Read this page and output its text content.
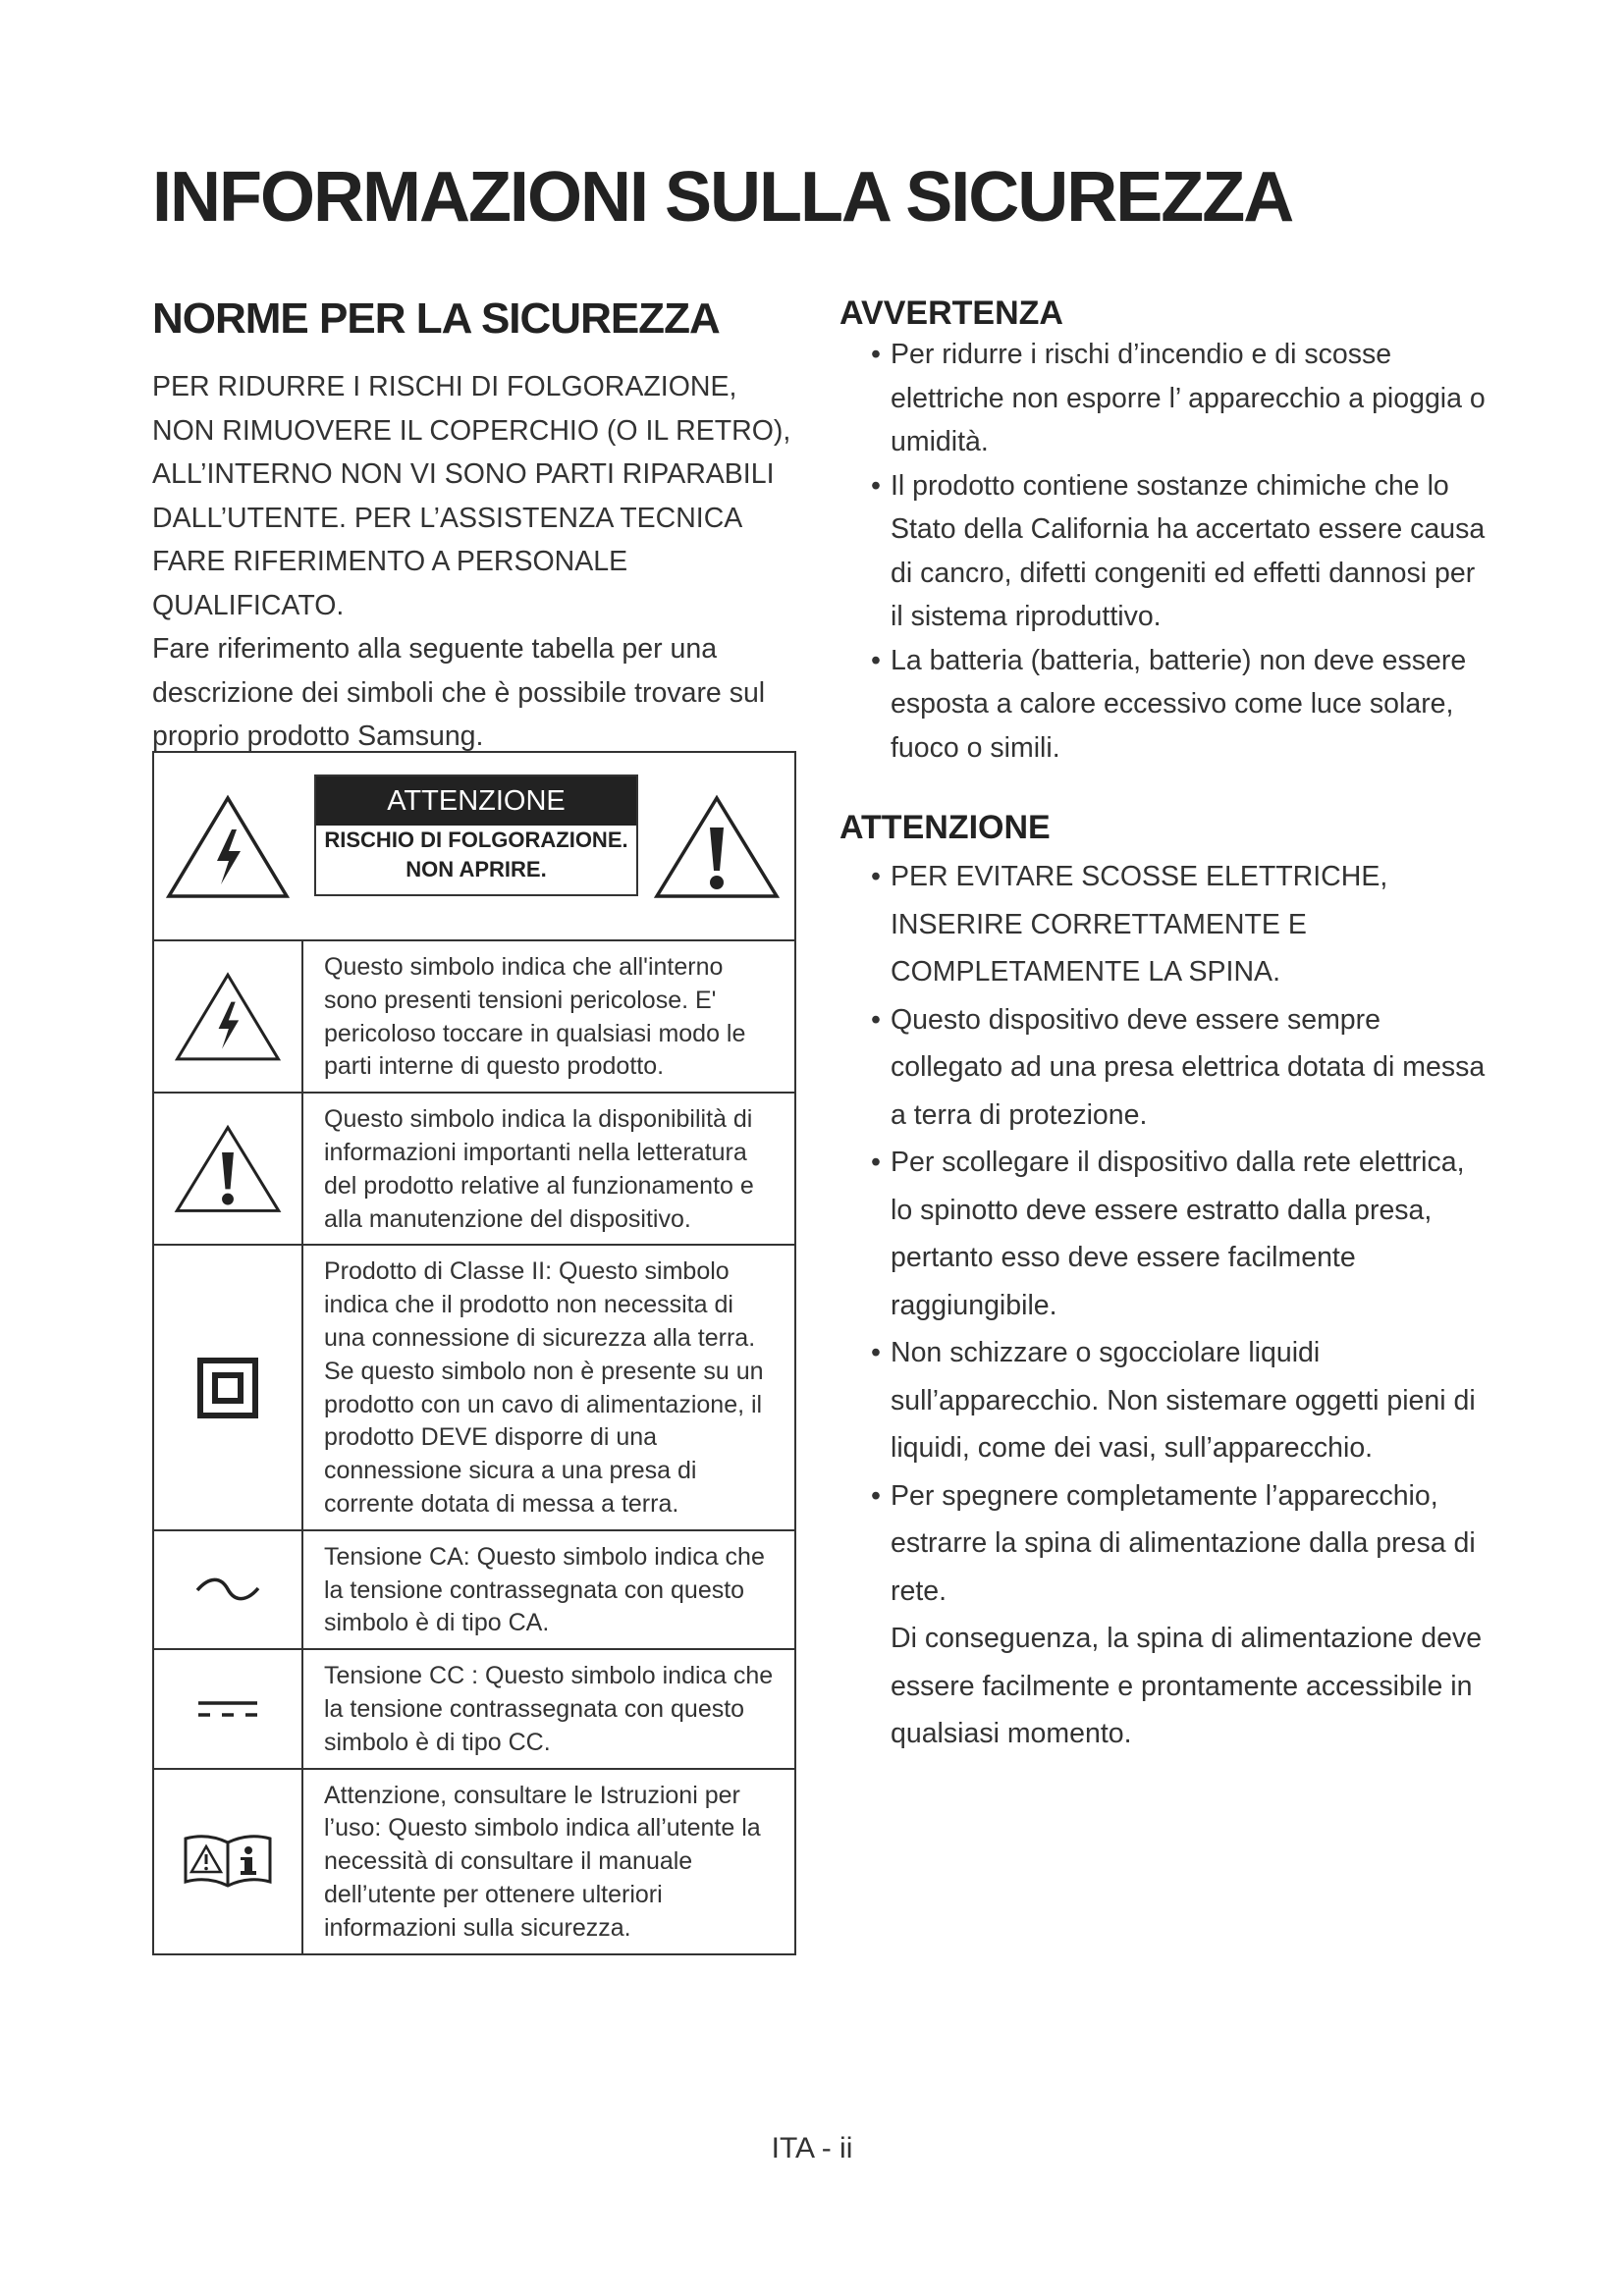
INFORMAZIONI SULLA SICUREZZA
NORME PER LA SICUREZZA

PER RIDURRE I RISCHI DI FOLGORAZIONE, NON RIMUOVERE IL COPERCHIO (O IL RETRO), ALL’INTERNO NON VI SONO PARTI RIPARABILI DALL’UTENTE. PER L’ASSISTENZA TECNICA FARE RIFERIMENTO A PERSONALE QUALIFICATO.

Fare riferimento alla seguente tabella per una descrizione dei simboli che è possibile trovare sul proprio prodotto Samsung.

ATTENZIONE
RISCHIO DI FOLGORAZIONE.
NON APRIRE.
Questo simbolo indica che all'interno sono presenti tensioni pericolose. E' pericoloso toccare in qualsiasi modo le parti interne di questo prodotto.
Questo simbolo indica la disponibilità di informazioni importanti nella letteratura del prodotto relative al funzionamento e alla manutenzione del dispositivo.
Prodotto di Classe II: Questo simbolo indica che il prodotto non necessita di una connessione di sicurezza alla terra. Se questo simbolo non è presente su un prodotto con un cavo di alimentazione, il prodotto DEVE disporre di una connessione sicura a una presa di corrente dotata di messa a terra.
Tensione CA: Questo simbolo indica che la tensione contrassegnata con questo simbolo è di tipo CA.
Tensione CC : Questo simbolo indica che la tensione contrassegnata con questo simbolo è di tipo CC.
Attenzione, consultare le Istruzioni per l’uso: Questo simbolo indica all’utente la necessità di consultare il manuale dell’utente per ottenere ulteriori informazioni sulla sicurezza.
AVVERTENZA
• Per ridurre i rischi d’incendio e di scosse elettriche non esporre l’ apparecchio a pioggia o umidità.
• Il prodotto contiene sostanze chimiche che lo Stato della California ha accertato essere causa di cancro, difetti congeniti ed effetti dannosi per il sistema riproduttivo.
• La batteria (batteria, batterie) non deve essere esposta a calore eccessivo come luce solare, fuoco o simili.
ATTENZIONE
• PER EVITARE SCOSSE ELETTRICHE, INSERIRE CORRETTAMENTE E COMPLETAMENTE LA SPINA.
• Questo dispositivo deve essere sempre collegato ad una presa elettrica dotata di messa a terra di protezione.
• Per scollegare il dispositivo dalla rete elettrica, lo spinotto deve essere estratto dalla presa, pertanto esso deve essere facilmente raggiungibile.
• Non schizzare o sgocciolare liquidi sull’apparecchio. Non sistemare oggetti pieni di liquidi, come dei vasi, sull’apparecchio.
• Per spegnere completamente l’apparecchio, estrarre la spina di alimentazione dalla presa di rete.

Di conseguenza, la spina di alimentazione deve essere facilmente e prontamente accessibile in qualsiasi momento.

ITA - ii
